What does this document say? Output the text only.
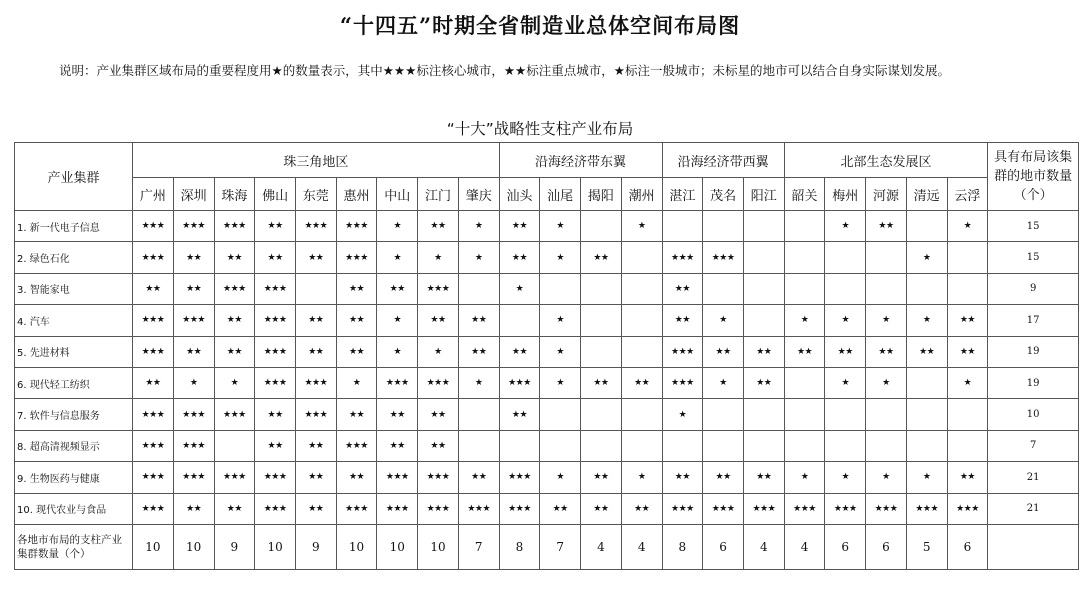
“十四五”时期全省制造业总体空间布局图
说明：产业集群区域布局的重要程度用★的数量表示，其中★★★标注核心城市，★★标注重点城市，★标注一般城市；未标星的地市可以结合自身实际谋划发展。
“十大”战略性支柱产业布局
产业集群	珠三角地区									沿海经济带东翼				沿海经济带西翼			北部生态发展区					具有布局该集群的地市数量（个）
	广州	深圳	珠海	佛山	东莞	惠州	中山	江门	肇庆	汕头	汕尾	揭阳	潮州	湛江	茂名	阳江	韶关	梅州	河源	清远	云浮	
1. 新一代电子信息	★★★	★★★	★★★	★★	★★★	★★★	★	★★	★	★★	★		★					★	★★		★	15
2. 绿色石化	★★★	★★	★★	★★	★★	★★★	★	★	★	★★	★	★★		★★★	★★★					★		15
3. 智能家电	★★	★★	★★★	★★★		★★	★★	★★★		★				★★								9
4. 汽车	★★★	★★★	★★	★★★	★★	★★	★	★★	★★		★			★★	★		★	★	★	★	★★	17
5. 先进材料	★★★	★★	★★	★★★	★★	★★	★	★	★★	★★	★			★★★	★★	★★	★★	★★	★★	★★	★★	19
6. 现代轻工纺织	★★	★	★	★★★	★★★	★	★★★	★★★	★	★★★	★	★★	★★	★★★	★	★★		★	★		★	19
7. 软件与信息服务	★★★	★★★	★★★	★★	★★★	★★	★★	★★		★★				★								10
8. 超高清视频显示	★★★	★★★		★★	★★	★★★	★★	★★														7
9. 生物医药与健康	★★★	★★★	★★★	★★★	★★	★★	★★★	★★★	★★	★★★	★	★★	★	★★	★★	★★	★	★	★	★	★★	21
10. 现代农业与食品	★★★	★★	★★	★★★	★★	★★★	★★★	★★★	★★★	★★★	★★	★★	★★	★★★	★★★	★★★	★★★	★★★	★★★	★★★	★★★	21
各地市布局的支柱产业集群数量（个）	10	10	9	10	9	10	10	10	7	8	7	4	4	8	6	4	4	6	6	5	6	
